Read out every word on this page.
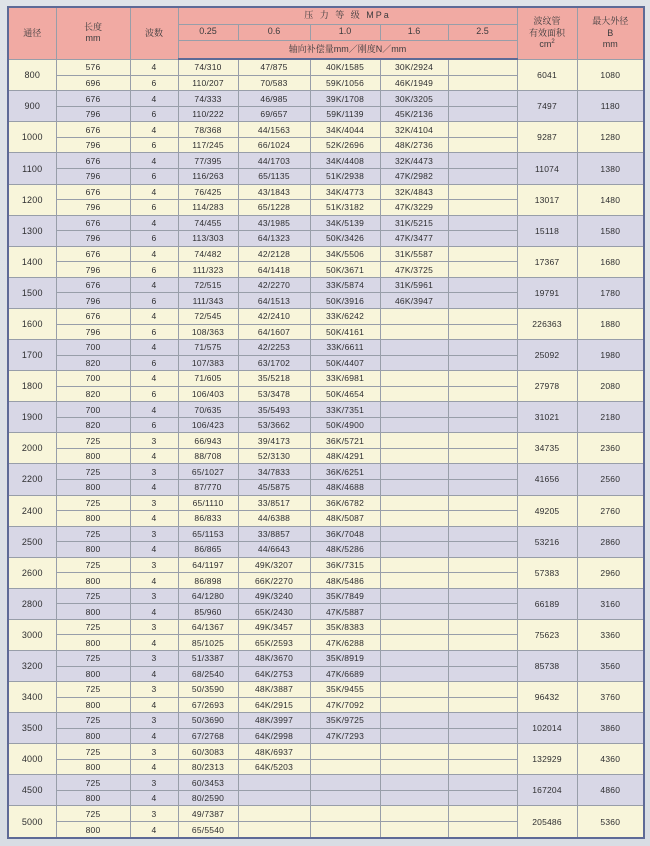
通径	长度
mm	波数	压 力 等 级 MPa					波纹管
有效面积
$cm^2$	最大外径
B
mm
			0.25	0.6	1.0	1.6	2.5		
			轴向补偿量mm／刚度N／mm						
800	576	4	74/310	47/875	40K/1585	30K/2924		6041	1080
	696	6	110/207	70/583	59K/1056	46K/1949			
900	676	4	74/333	46/985	39K/1708	30K/3205		7497	1180
	796	6	110/222	69/657	59K/1139	45K/2136			
1000	676	4	78/368	44/1563	34K/4044	32K/4104		9287	1280
	796	6	117/245	66/1024	52K/2696	48K/2736			
1100	676	4	77/395	44/1703	34K/4408	32K/4473		11074	1380
	796	6	116/263	65/1135	51K/2938	47K/2982			
1200	676	4	76/425	43/1843	34K/4773	32K/4843		13017	1480
	796	6	114/283	65/1228	51K/3182	47K/3229			
1300	676	4	74/455	43/1985	34K/5139	31K/5215		15118	1580
	796	6	113/303	64/1323	50K/3426	47K/3477			
1400	676	4	74/482	42/2128	34K/5506	31K/5587		17367	1680
	796	6	111/323	64/1418	50K/3671	47K/3725			
1500	676	4	72/515	42/2270	33K/5874	31K/5961		19791	1780
	796	6	111/343	64/1513	50K/3916	46K/3947			
1600	676	4	72/545	42/2410	33K/6242			226363	1880
	796	6	108/363	64/1607	50K/4161				
1700	700	4	71/575	42/2253	33K/6611			25092	1980
	820	6	107/383	63/1702	50K/4407				
1800	700	4	71/605	35/5218	33K/6981			27978	2080
	820	6	106/403	53/3478	50K/4654				
1900	700	4	70/635	35/5493	33K/7351			31021	2180
	820	6	106/423	53/3662	50K/4900				
2000	725	3	66/943	39/4173	36K/5721			34735	2360
	800	4	88/708	52/3130	48K/4291				
2200	725	3	65/1027	34/7833	36K/6251			41656	2560
	800	4	87/770	45/5875	48K/4688				
2400	725	3	65/1110	33/8517	36K/6782			49205	2760
	800	4	86/833	44/6388	48K/5087				
2500	725	3	65/1153	33/8857	36K/7048			53216	2860
	800	4	86/865	44/6643	48K/5286				
2600	725	3	64/1197	49K/3207	36K/7315			57383	2960
	800	4	86/898	66K/2270	48K/5486				
2800	725	3	64/1280	49K/3240	35K/7849			66189	3160
	800	4	85/960	65K/2430	47K/5887				
3000	725	3	64/1367	49K/3457	35K/8383			75623	3360
	800	4	85/1025	65K/2593	47K/6288				
3200	725	3	51/3387	48K/3670	35K/8919			85738	3560
	800	4	68/2540	64K/2753	47K/6689				
3400	725	3	50/3590	48K/3887	35K/9455			96432	3760
	800	4	67/2693	64K/2915	47K/7092				
3500	725	3	50/3690	48K/3997	35K/9725			102014	3860
	800	4	67/2768	64K/2998	47K/7293				
4000	725	3	60/3083	48K/6937				132929	4360
	800	4	80/2313	64K/5203					
4500	725	3	60/3453					167204	4860
	800	4	80/2590						
5000	725	3	49/7387					205486	5360
	800	4	65/5540						
